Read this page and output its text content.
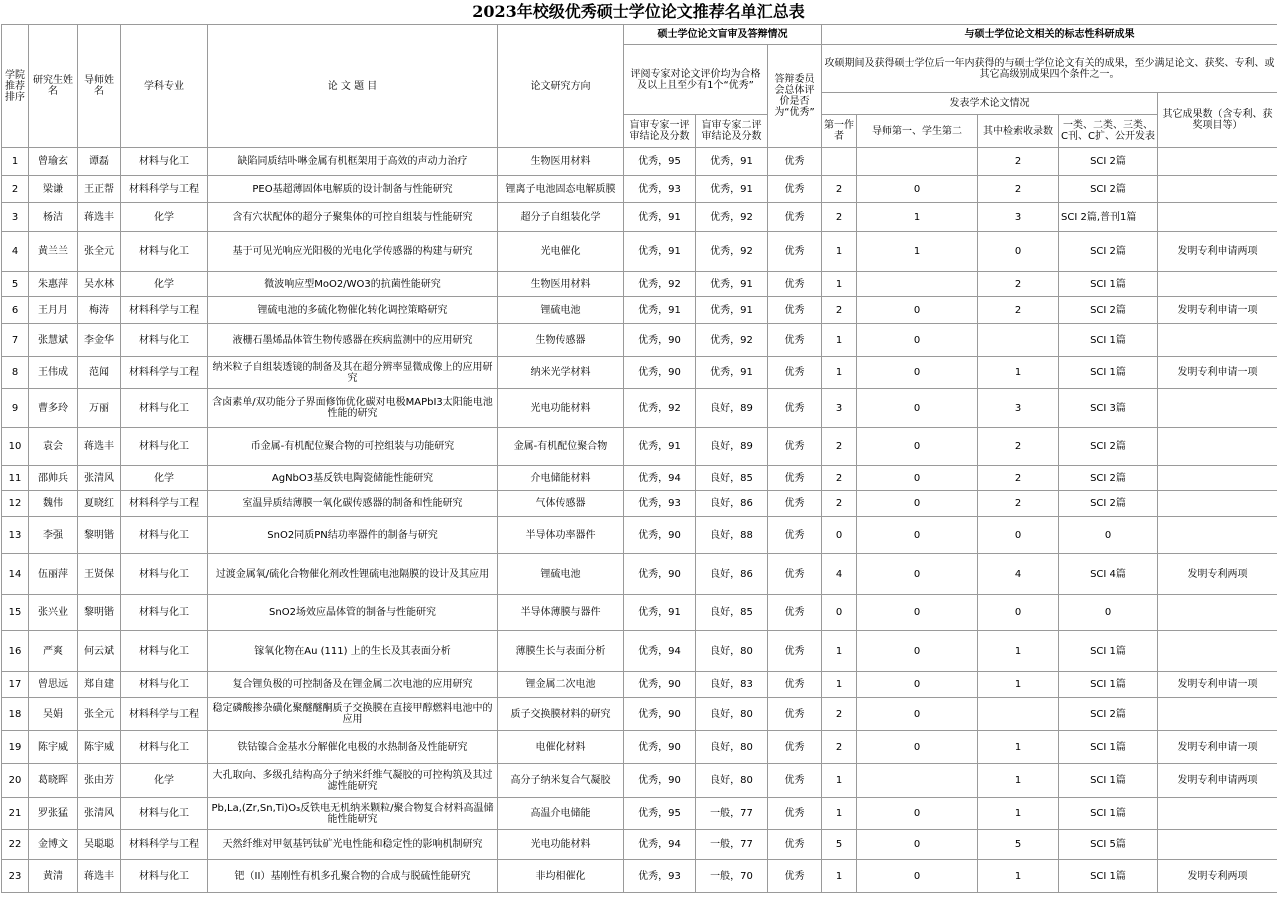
2023年校级优秀硕士学位论文推荐名单汇总表
学院推荐排序	研究生姓名	导师姓名	学科专业	论 文 题 目	论文研究方向	硕士学位论文盲审及答辩情况			与硕士学位论文相关的标志性科研成果				
						评阅专家对论文评价均为合格及以上且至少有1个“优秀”		答辩委员会总体评价是否为“优秀”	攻硕期间及获得硕士学位后一年内获得的与硕士学位论文有关的成果，至少满足论文、获奖、专利、或其它高级别成果四个条件之一。				
									发表学术论文情况				其它成果数（含专利、获奖项目等）
						盲审专家一评审结论及分数	盲审专家二评审结论及分数		第一作者	导师第一、学生第二	其中检索收录数	一类、二类、三类、C刊、C扩、公开发表	
1	曾瑜玄	谭磊	材料与化工	缺陷同质结卟啉金属有机框架用于高效的声动力治疗	生物医用材料	优秀，95	优秀，91	优秀			2	SCI 2篇	
2	梁谦	王正帮	材料科学与工程	PEO基超薄固体电解质的设计制备与性能研究	锂离子电池固态电解质膜	优秀，93	优秀，91	优秀	2	0	2	SCI 2篇	
3	杨洁	蒋选丰	化学	含有穴状配体的超分子聚集体的可控自组装与性能研究	超分子自组装化学	优秀，91	优秀，92	优秀	2	1	3	SCI 2篇,普刊1篇	
4	黄兰兰	张全元	材料与化工	基于可见光响应光阳极的光电化学传感器的构建与研究	光电催化	优秀，91	优秀，92	优秀	1	1	0	SCI 2篇	发明专利申请两项
5	朱惠萍	吴水林	化学	微波响应型MoO2/WO3的抗菌性能研究	生物医用材料	优秀，92	优秀，91	优秀	1		2	SCI 1篇	
6	王月月	梅涛	材料科学与工程	锂硫电池的多硫化物催化转化调控策略研究	锂硫电池	优秀，91	优秀，91	优秀	2	0	2	SCI 2篇	发明专利申请一项
7	张慧斌	李金华	材料与化工	液栅石墨烯晶体管生物传感器在疾病监测中的应用研究	生物传感器	优秀，90	优秀，92	优秀	1	0		SCI 1篇	
8	王伟成	范闻	材料科学与工程	纳米粒子自组装透镜的制备及其在超分辨率显微成像上的应用研究	纳米光学材料	优秀，90	优秀，91	优秀	1	0	1	SCI 1篇	发明专利申请一项
9	曹多玲	万丽	材料与化工	含卤素单/双功能分子界面修饰优化碳对电极MAPbI3太阳能电池性能的研究	光电功能材料	优秀，92	良好，89	优秀	3	0	3	SCI 3篇	
10	袁会	蒋选丰	材料与化工	币金属-有机配位聚合物的可控组装与功能研究	金属-有机配位聚合物	优秀，91	良好，89	优秀	2	0	2	SCI 2篇	
11	邵帅兵	张清风	化学	AgNbO3基反铁电陶瓷储能性能研究	介电储能材料	优秀，94	良好，85	优秀	2	0	2	SCI 2篇	
12	魏伟	夏晓红	材料科学与工程	室温异质结薄膜一氧化碳传感器的制备和性能研究	气体传感器	优秀，93	良好，86	优秀	2	0	2	SCI 2篇	
13	李强	黎明锴	材料与化工	SnO2同质PN结功率器件的制备与研究	半导体功率器件	优秀，90	良好，88	优秀	0	0	0	0	
14	伍丽萍	王贤保	材料与化工	过渡金属氧/硫化合物催化剂改性锂硫电池隔膜的设计及其应用	锂硫电池	优秀，90	良好，86	优秀	4	0	4	SCI 4篇	发明专利两项
15	张兴业	黎明锴	材料与化工	SnO2场效应晶体管的制备与性能研究	半导体薄膜与器件	优秀，91	良好，85	优秀	0	0	0	0	
16	严爽	何云斌	材料与化工	镓氧化物在Au (111) 上的生长及其表面分析	薄膜生长与表面分析	优秀，94	良好，80	优秀	1	0	1	SCI 1篇	
17	曾思远	郑自建	材料与化工	复合锂负极的可控制备及在锂金属二次电池的应用研究	锂金属二次电池	优秀，90	良好，83	优秀	1	0	1	SCI 1篇	发明专利申请一项
18	吴娟	张全元	材料科学与工程	稳定磷酸掺杂磺化聚醚醚酮质子交换膜在直接甲醇燃料电池中的应用	质子交换膜材料的研究	优秀，90	良好，80	优秀	2	0		SCI 2篇	
19	陈宇威	陈宇威	材料与化工	铁钴镍合金基水分解催化电极的水热制备及性能研究	电催化材料	优秀，90	良好，80	优秀	2	0	1	SCI 1篇	发明专利申请一项
20	葛晓晖	张由芳	化学	大孔取向、多级孔结构高分子纳米纤维气凝胶的可控构筑及其过滤性能研究	高分子纳米复合气凝胶	优秀，90	良好，80	优秀	1		1	SCI 1篇	发明专利申请两项
21	罗张猛	张清风	材料与化工	Pb,La,(Zr,Sn,Ti)O₃反铁电无机纳米颗粒/聚合物复合材料高温储能性能研究	高温介电储能	优秀，95	一般，77	优秀	1	0	1	SCI 1篇	
22	金博文	吴聪聪	材料科学与工程	天然纤维对甲氨基钙钛矿光电性能和稳定性的影响机制研究	光电功能材料	优秀，94	一般，77	优秀	5	0	5	SCI 5篇	
23	黄清	蒋选丰	材料与化工	钯（II）基刚性有机多孔聚合物的合成与脱硫性能研究	非均相催化	优秀，93	一般，70	优秀	1	0	1	SCI 1篇	发明专利两项
